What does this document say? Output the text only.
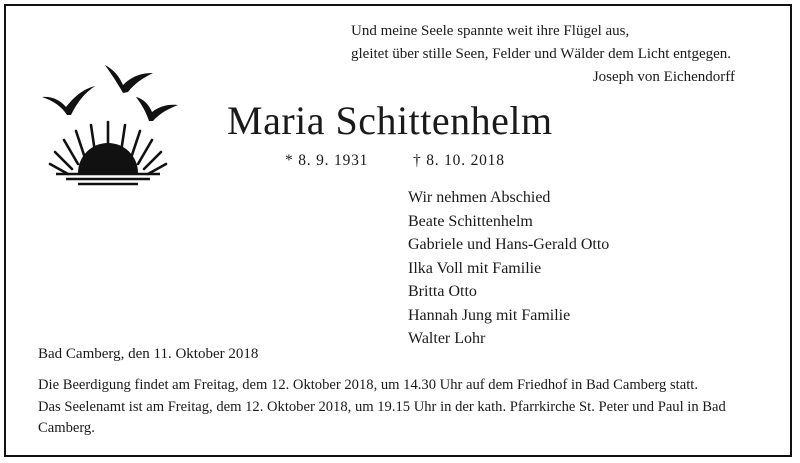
Und meine Seele spannte weit ihre Flügel aus,
gleitet über stille Seen, Felder und Wälder dem Licht entgegen.
Joseph von Eichendorff
Maria Schittenhelm
* 8. 9. 1931	† 8. 10. 2018
Wir nehmen Abschied
Beate Schittenhelm
Gabriele und Hans-Gerald Otto
Ilka Voll mit Familie
Britta Otto
Hannah Jung mit Familie
Walter Lohr
Bad Camberg, den 11. Oktober 2018
Die Beerdigung findet am Freitag, dem 12. Oktober 2018, um 14.30 Uhr auf dem Friedhof in Bad Camberg statt.
Das Seelenamt ist am Freitag, dem 12. Oktober 2018, um 19.15 Uhr in der kath. Pfarrkirche St. Peter und Paul in Bad Camberg.
